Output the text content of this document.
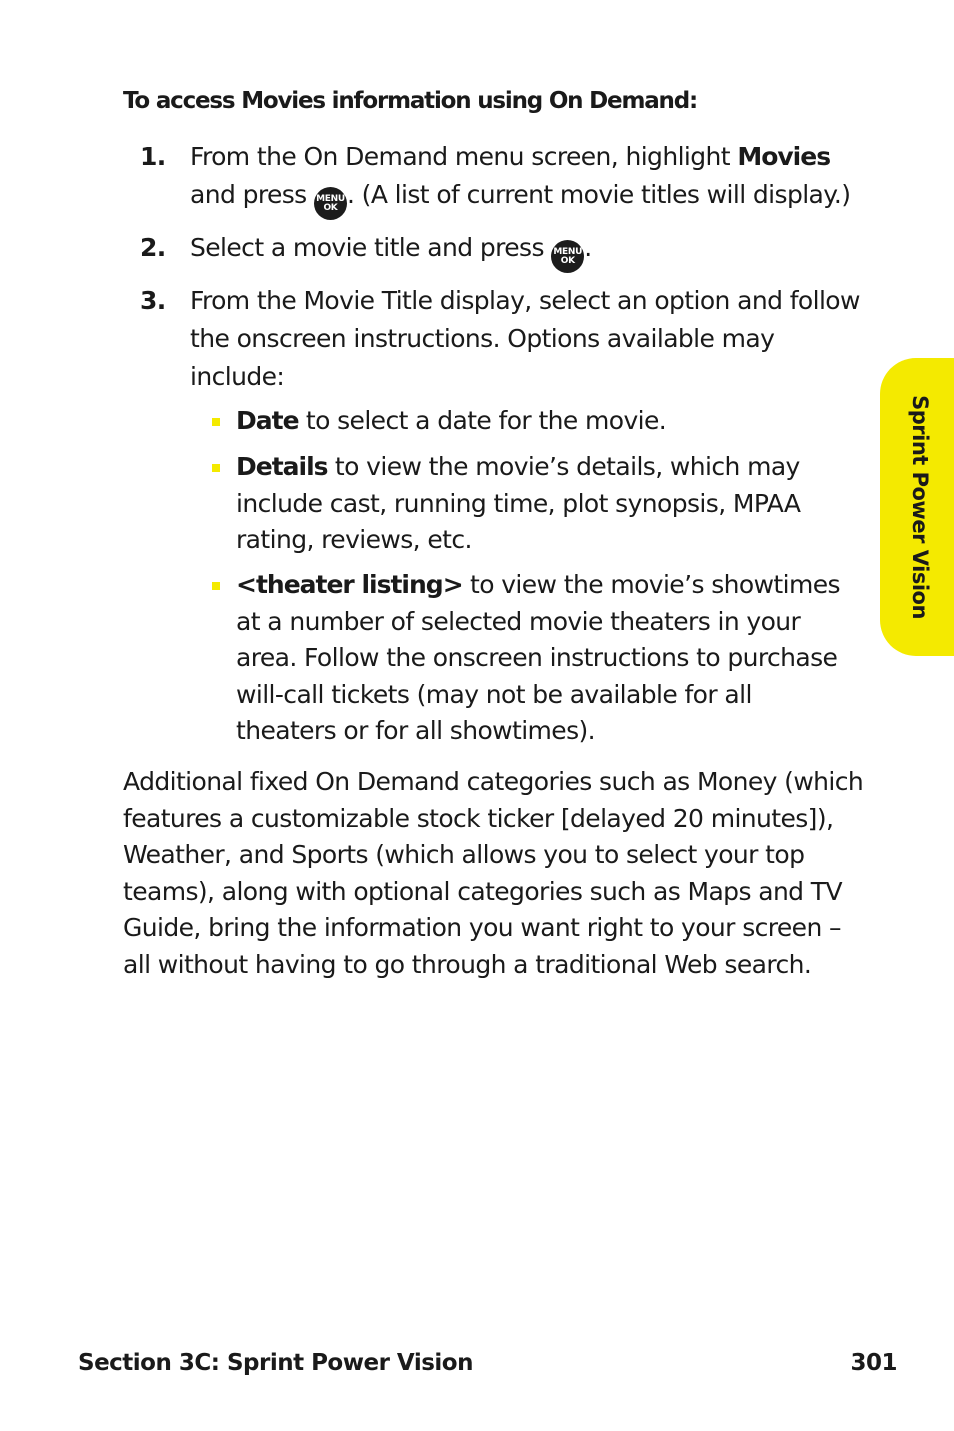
To access Movies information using On Demand:
1. From the On Demand menu screen, highlight Movies
and press MENU
OK . (A list of current movie titles will display.)
2. Select a movie title and press MENU
OK .
3. From the Movie Title display, select an option and follow the onscreen instructions. Options available may include:
Date to select a date for the movie.
Details to view the movie’s details, which may include cast, running time, plot synopsis, MPAA rating, reviews, etc.
<theater listing> to view the movie’s showtimes at a number of selected movie theaters in your area. Follow the onscreen instructions to purchase will-call tickets (may not be available for all theaters or for all showtimes).

Additional fixed On Demand categories such as Money (which features a customizable stock ticker [delayed 20 minutes]), Weather, and Sports (which allows you to select your top teams), along with optional categories such as Maps and TV Guide, bring the information you want right to your screen – all without having to go through a traditional Web search.

Sprint Power Vision
Section 3C: Sprint Power Vision	301
